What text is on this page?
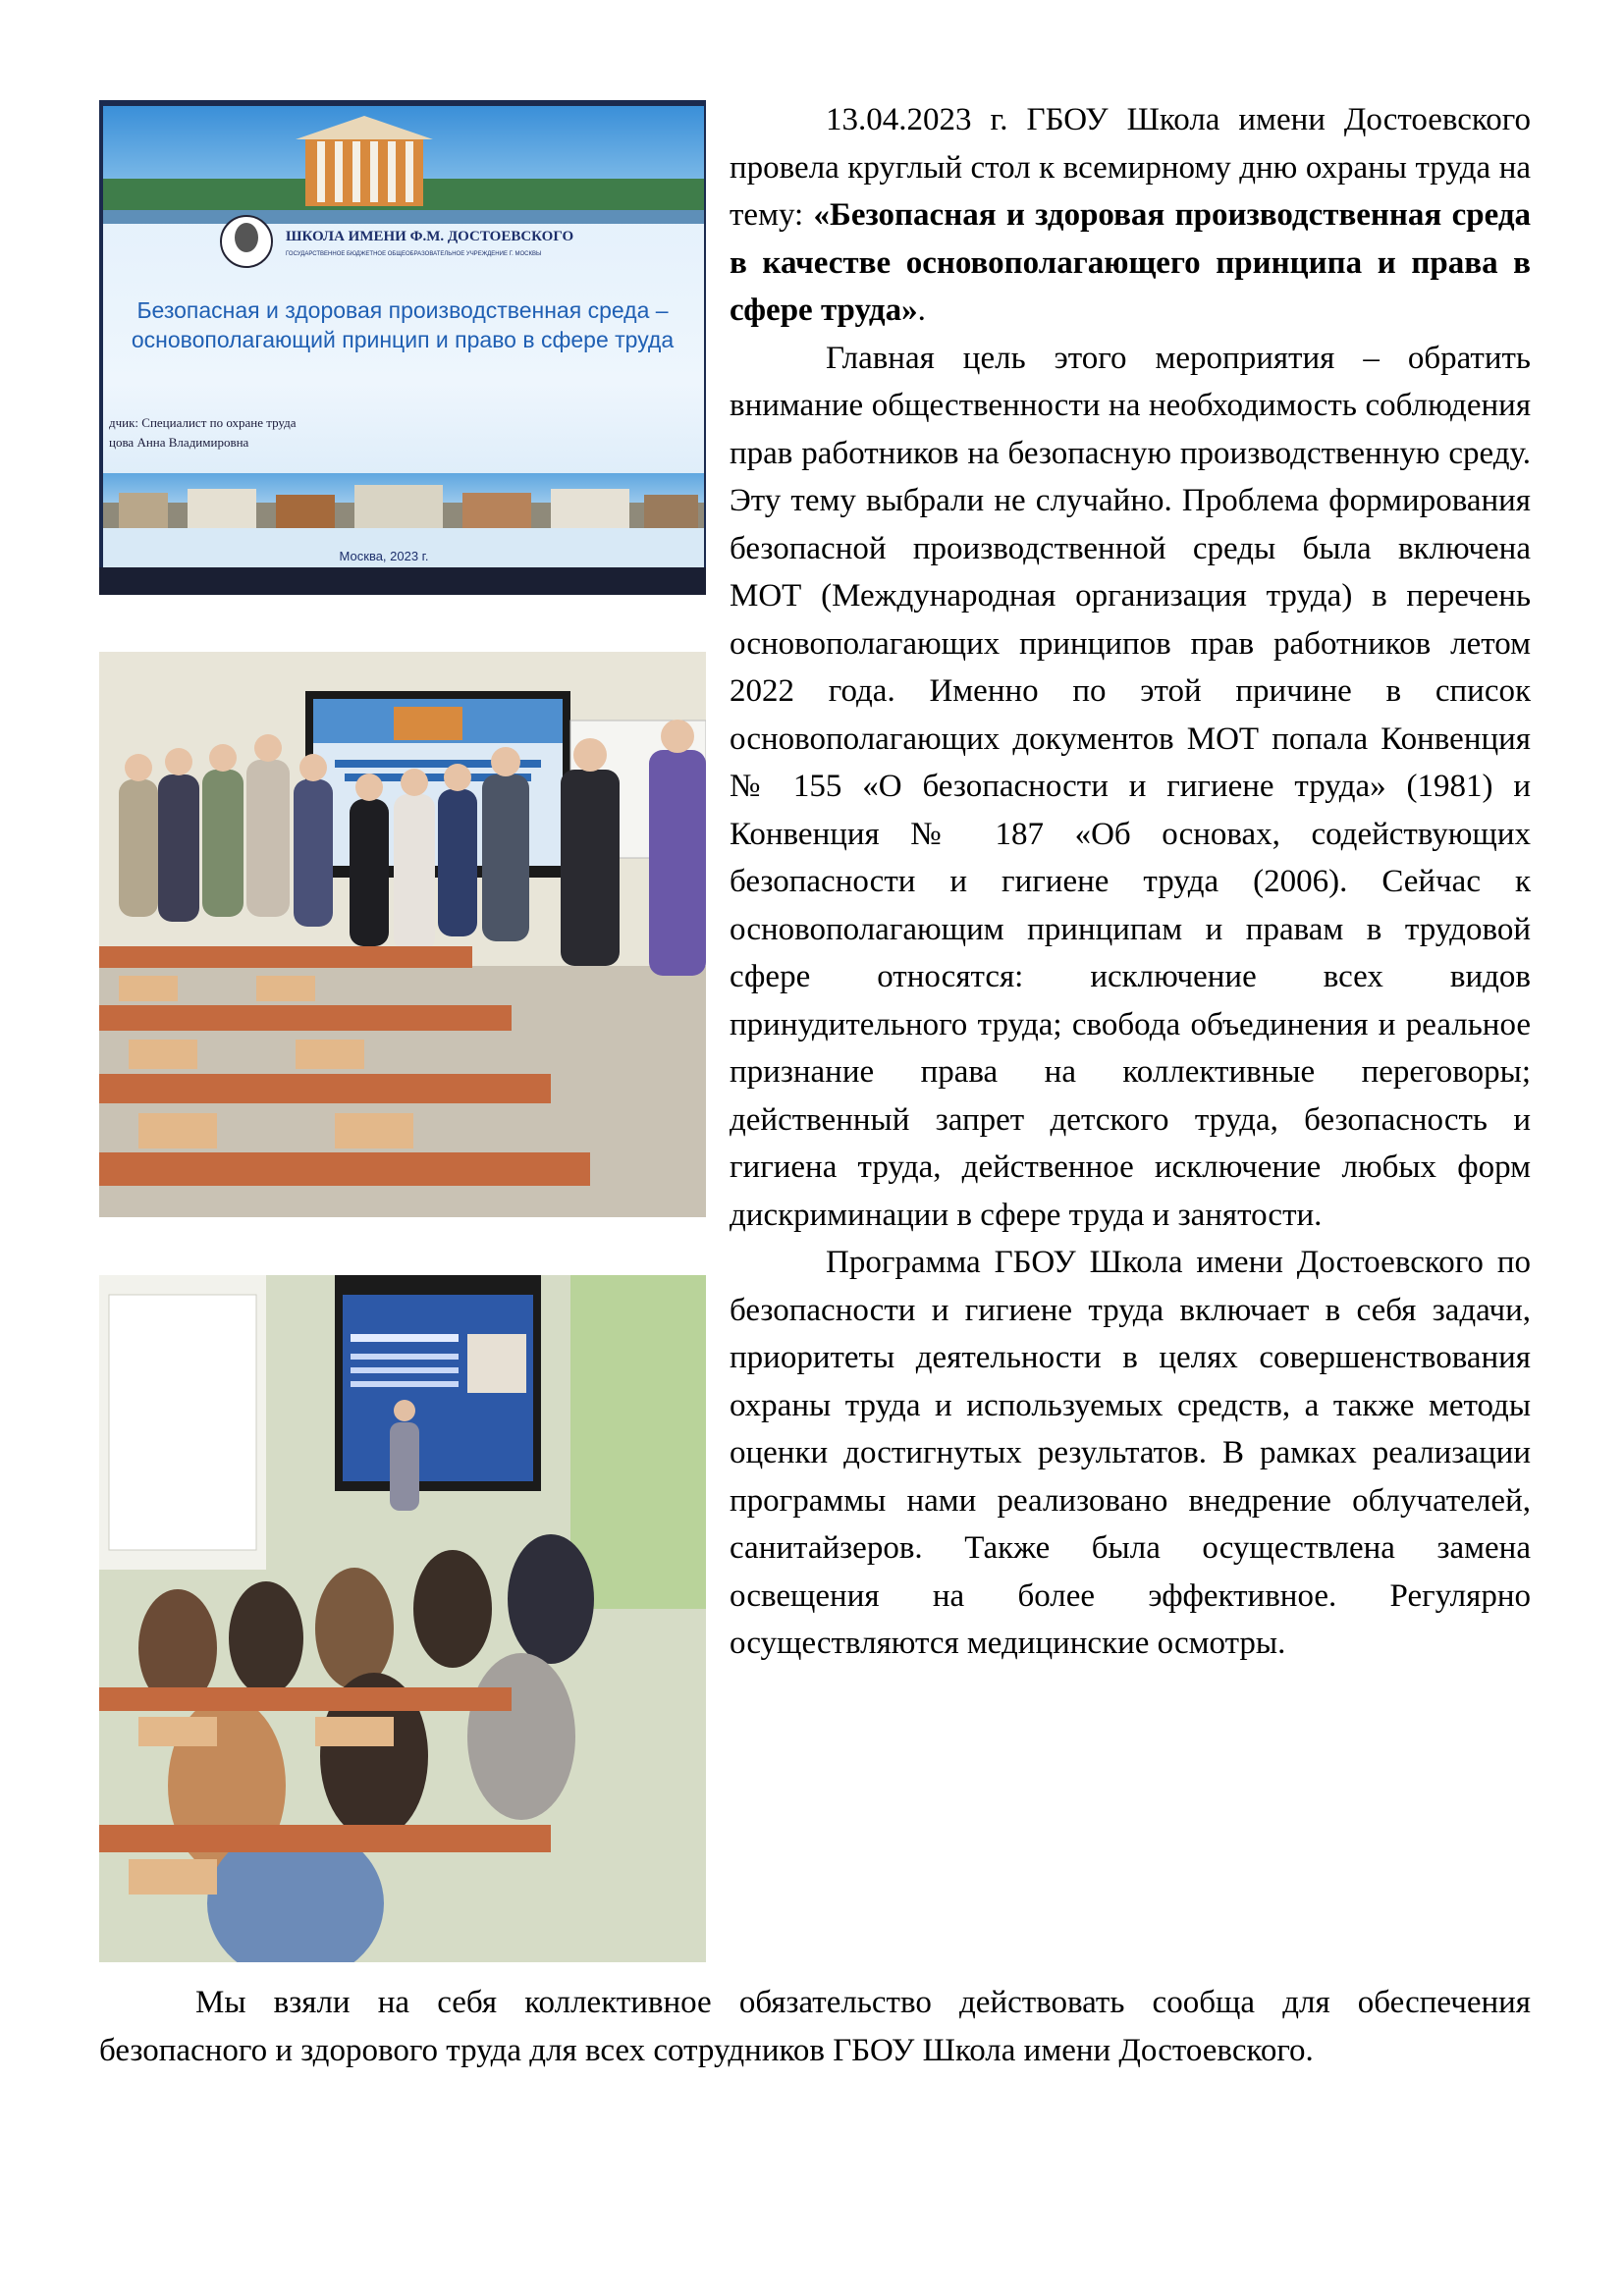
ШКОЛА ИМЕНИ Ф.М. ДОСТОЕВСКОГО
ГОСУДАРСТВЕННОЕ БЮДЖЕТНОЕ ОБЩЕОБРАЗОВАТЕЛЬНОЕ УЧРЕЖДЕНИЕ Г. МОСКВЫ
Безопасная и здоровая производственная среда –
основополагающий принцип и право в сфере труда
дчик: Специалист по охране труда
цова Анна Владимировна
Москва, 2023 г.

13.04.2023 г. ГБОУ Школа имени Достоевского провела круглый стол к всемирному дню охраны труда на тему: «Безопасная и здоровая производственная среда в качестве основополагающего принципа и права в сфере труда».

Главная цель этого мероприятия – обратить внимание общественности на необходимость соблюдения прав работников на безопасную производственную среду. Эту тему выбрали не случайно. Проблема формирования безопасной производственной среды была включена МОТ (Международная организация труда) в перечень основополагающих принципов прав работников летом 2022 года. Именно по этой причине в список основополагающих документов МОТ попала Конвенция № 155 «О безопасности и гигиене труда» (1981) и Конвенция № 187 «Об основах, содействующих безопасности и гигиене труда (2006). Сейчас к основополагающим принципам и правам в трудовой сфере относятся: исключение всех видов принудительного труда; свобода объединения и реальное признание права на коллективные переговоры; действенный запрет детского труда, безопасность и гигиена труда, действенное исключение любых форм дискриминации в сфере труда и занятости.

Программа ГБОУ Школа имени Достоевского по безопасности и гигиене труда включает в себя задачи, приоритеты деятельности в целях совершенствования охраны труда и используемых средств, а также методы оценки достигнутых результатов. В рамках реализации программы нами реализовано внедрение облучателей, санитайзеров. Также была осуществлена замена освещения на более эффективное. Регулярно осуществляются медицинские осмотры.

Мы взяли на себя коллективное обязательство действовать сообща для обеспечения безопасного и здорового труда для всех сотрудников ГБОУ Школа имени Достоевского.
